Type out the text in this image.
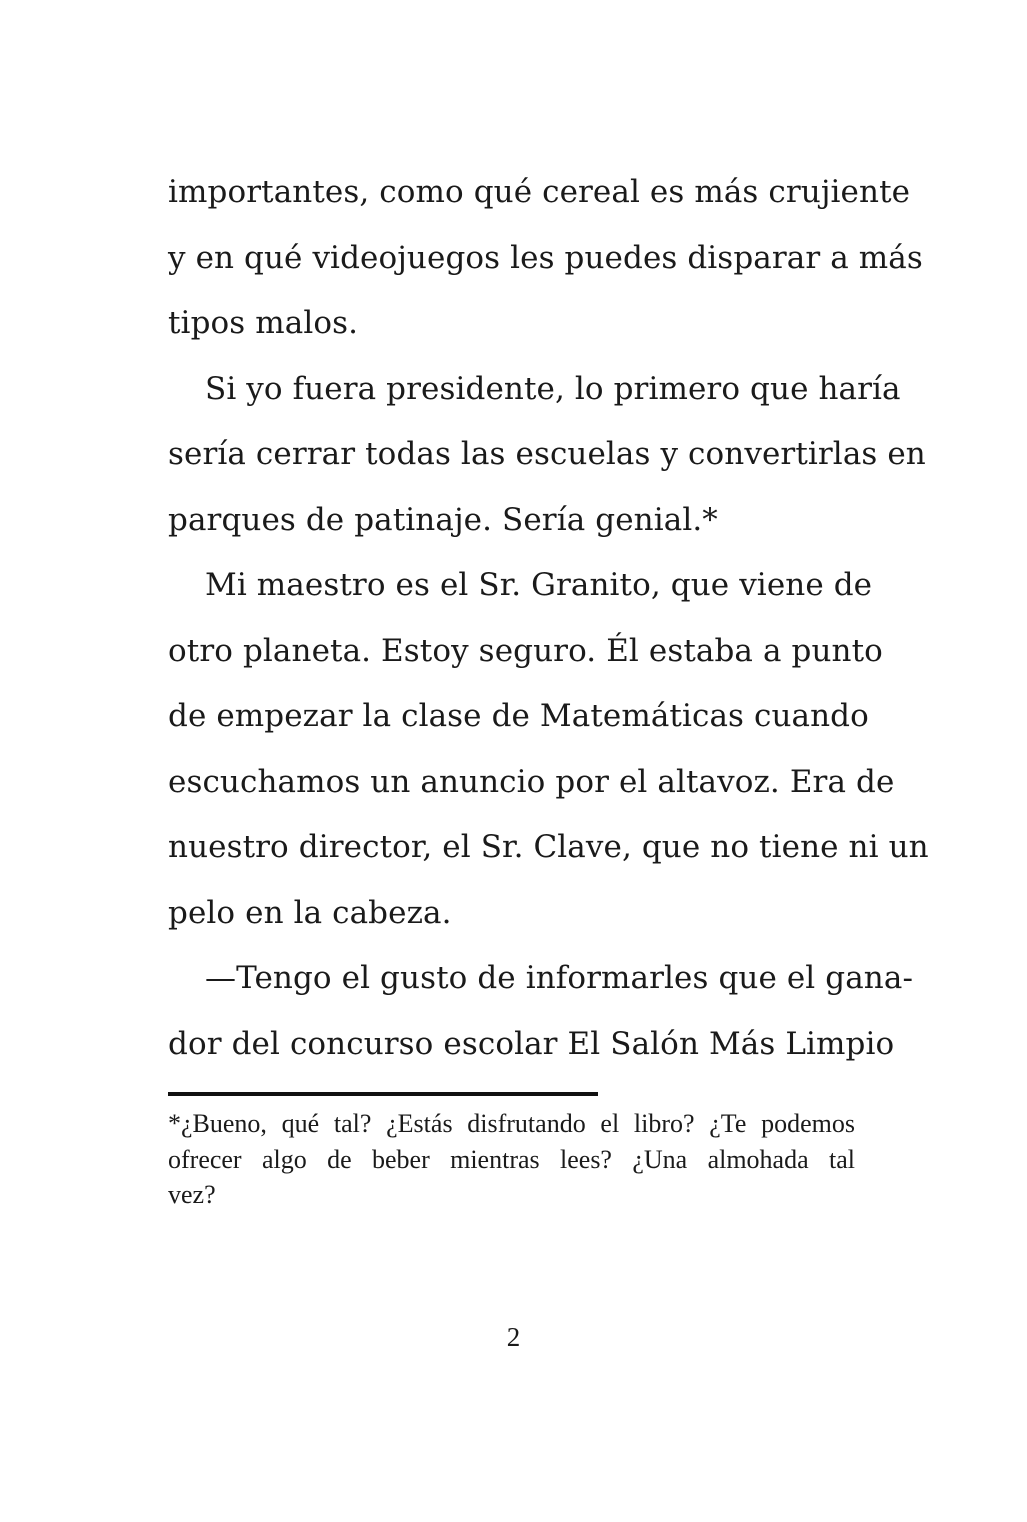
importantes, como qué cereal es más crujiente
y en qué videojuegos les puedes disparar a más
tipos malos.
Si yo fuera presidente, lo primero que haría
sería cerrar todas las escuelas y convertirlas en
parques de patinaje. Sería genial.*
Mi maestro es el Sr. Granito, que viene de
otro planeta. Estoy seguro. Él estaba a punto
de empezar la clase de Matemáticas cuando
escuchamos un anuncio por el altavoz. Era de
nuestro director, el Sr. Clave, que no tiene ni un
pelo en la cabeza.
—Tengo el gusto de informarles que el gana-
dor del concurso escolar El Salón Más Limpio
*¿Bueno, qué tal? ¿Estás disfrutando el libro? ¿Te podemos
ofrecer algo de beber mientras lees? ¿Una almohada tal
vez?
2
